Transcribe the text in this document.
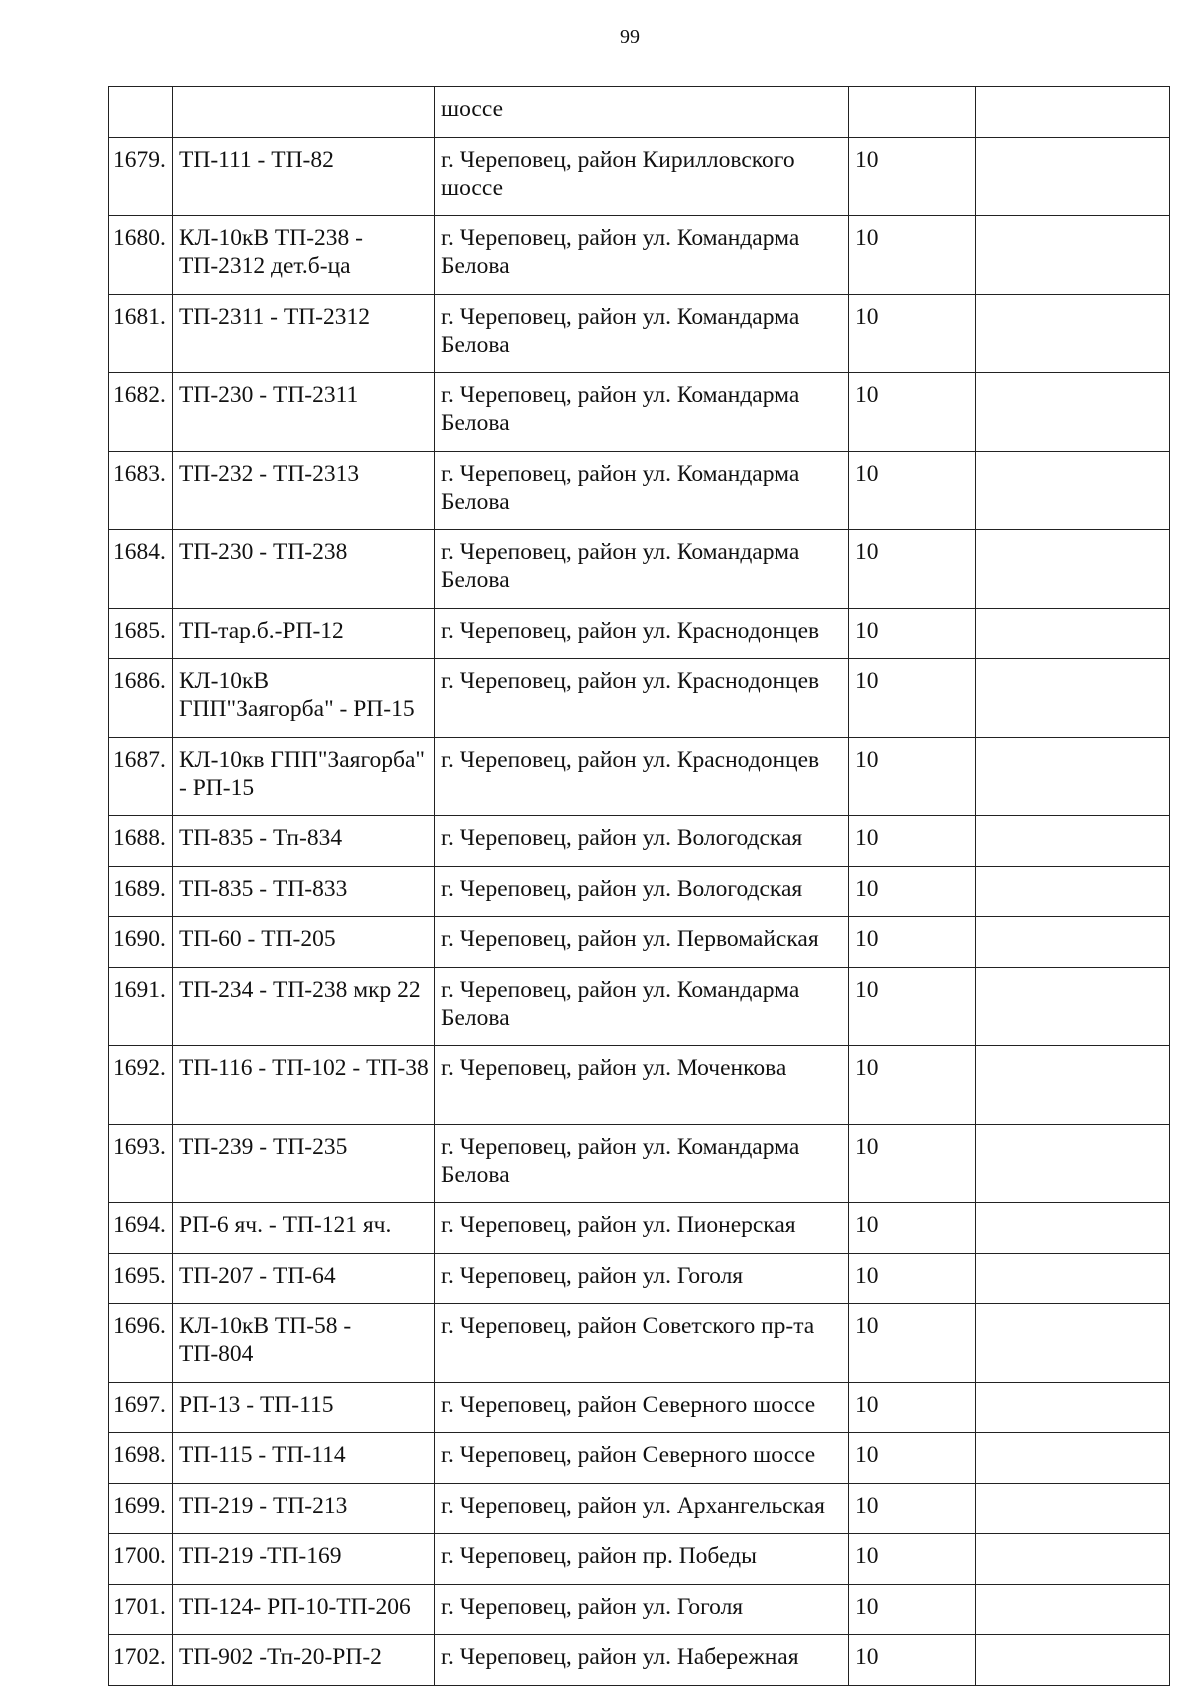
99
		шоссе		
1679.	ТП-111 - ТП-82	г. Череповец, район Кирилловского шоссе	10	
1680.	КЛ-10кВ ТП-238 - ТП-2312 дет.б-ца	г. Череповец, район ул. Командарма Белова	10	
1681.	ТП-2311 - ТП-2312	г. Череповец, район ул. Командарма Белова	10	
1682.	ТП-230 - ТП-2311	г. Череповец, район ул. Командарма Белова	10	
1683.	ТП-232 - ТП-2313	г. Череповец, район ул. Командарма Белова	10	
1684.	ТП-230 - ТП-238	г. Череповец, район ул. Командарма Белова	10	
1685.	ТП-тар.б.-РП-12	г. Череповец, район ул. Краснодонцев	10	
1686.	КЛ-10кВ ГПП"Заягорба" - РП-15	г. Череповец, район ул. Краснодонцев	10	
1687.	КЛ-10кв ГПП"Заягорба" - РП-15	г. Череповец, район ул. Краснодонцев	10	
1688.	ТП-835 - Тп-834	г. Череповец, район ул. Вологодская	10	
1689.	ТП-835 - ТП-833	г. Череповец, район ул. Вологодская	10	
1690.	ТП-60 - ТП-205	г. Череповец, район ул. Первомайская	10	
1691.	ТП-234 - ТП-238 мкр 22	г. Череповец, район ул. Командарма Белова	10	
1692.	ТП-116 - ТП-102 - ТП-38	г. Череповец, район ул. Моченкова	10	
1693.	ТП-239 - ТП-235	г. Череповец, район ул. Командарма Белова	10	
1694.	РП-6 яч. - ТП-121 яч.	г. Череповец, район ул. Пионерская	10	
1695.	ТП-207 - ТП-64	г. Череповец, район ул. Гоголя	10	
1696.	КЛ-10кВ ТП-58 - ТП-804	г. Череповец, район Советского пр-та	10	
1697.	РП-13 - ТП-115	г. Череповец, район Северного шоссе	10	
1698.	ТП-115 - ТП-114	г. Череповец, район Северного шоссе	10	
1699.	ТП-219 - ТП-213	г. Череповец, район ул. Архангельская	10	
1700.	ТП-219 -ТП-169	г. Череповец, район пр. Победы	10	
1701.	ТП-124- РП-10-ТП-206	г. Череповец, район ул. Гоголя	10	
1702.	ТП-902 -Тп-20-РП-2	г. Череповец, район ул. Набережная	10	
